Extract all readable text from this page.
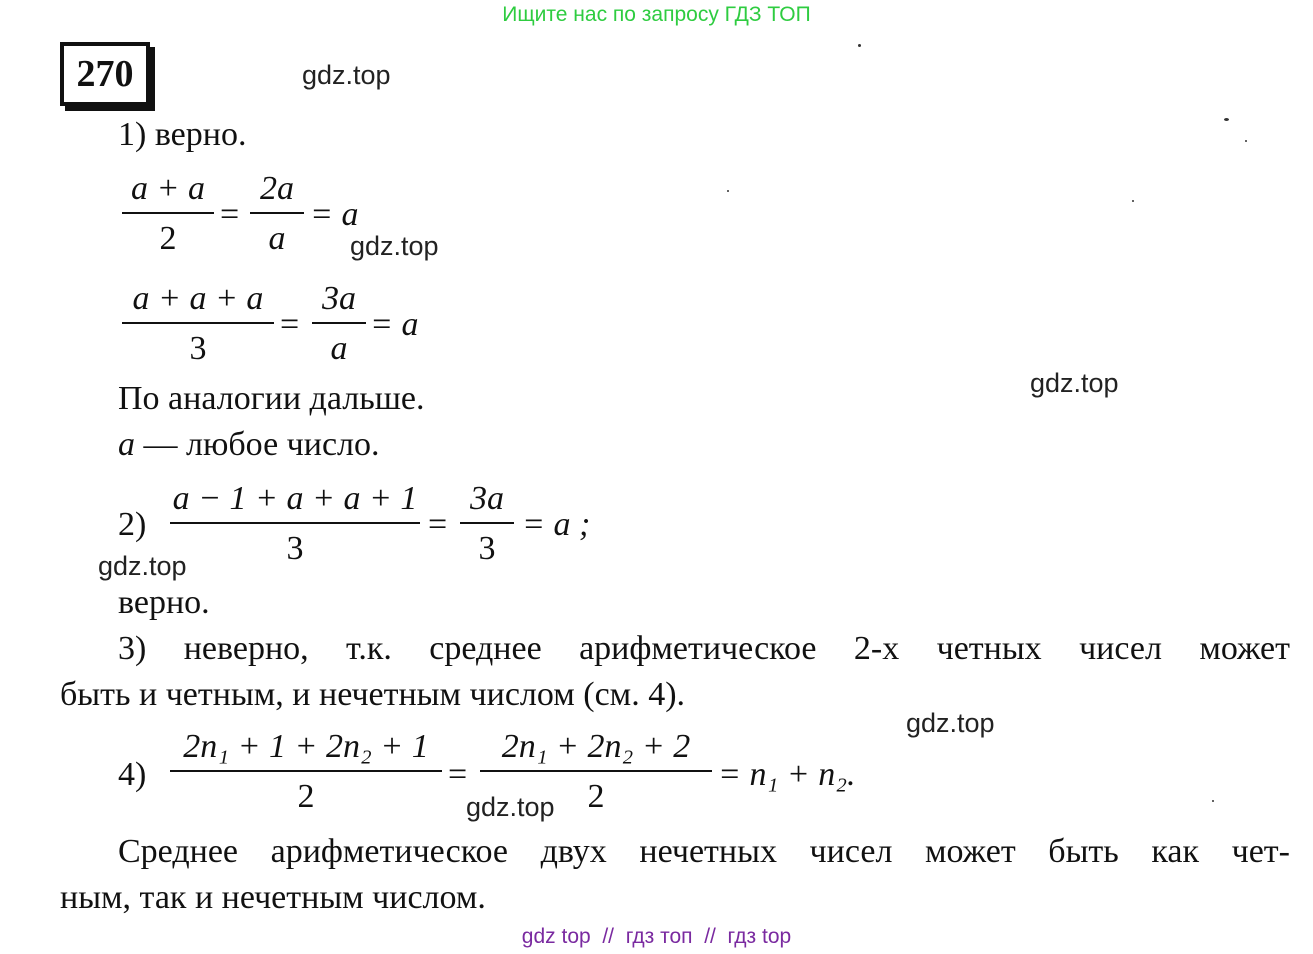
Ищите нас по запросу ГДЗ ТОП
270	gdz.top
gdz.top
gdz.top
gdz.top
gdz.top
gdz.top
1) верно.
a + a
2
=
2a
a
= a
a + a + a
3
=
3a
a
= a
По аналогии дальше.
a — любое число.
2)
a − 1 + a + a + 1
3
=
3a
3
= a ;
верно.
3) неверно, т.к. среднее арифметическое 2-х четных чисел может
быть и четным, и нечетным числом (см. 4).
4)
2n₁ + 1 + 2n₂ + 1
2
=
2n₁ + 2n₂ + 2
2
= n₁ + n₂.
Среднее арифметическое двух нечетных чисел может быть как чет-
ным, так и нечетным числом.
gdz top  //  гдз топ  //  гдз top
